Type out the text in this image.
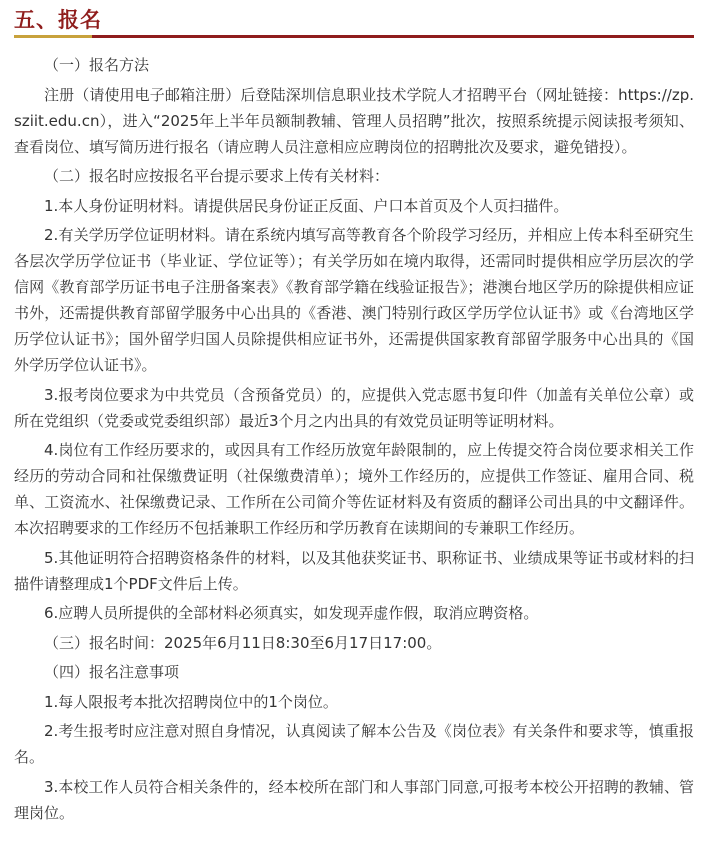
五、报名

（一）报名方法

注册（请使用电子邮箱注册）后登陆深圳信息职业技术学院人才招聘平台（网址链接：https://zp.sziit.edu.cn），进入“2025年上半年员额制教辅、管理人员招聘”批次，按照系统提示阅读报考须知、查看岗位、填写简历进行报名（请应聘人员注意相应应聘岗位的招聘批次及要求，避免错投）。

（二）报名时应按报名平台提示要求上传有关材料：

1.本人身份证明材料。请提供居民身份证正反面、户口本首页及个人页扫描件。

2.有关学历学位证明材料。请在系统内填写高等教育各个阶段学习经历，并相应上传本科至研究生各层次学历学位证书（毕业证、学位证等）；有关学历如在境内取得，还需同时提供相应学历层次的学信网《教育部学历证书电子注册备案表》《教育部学籍在线验证报告》；港澳台地区学历的除提供相应证书外，还需提供教育部留学服务中心出具的《香港、澳门特别行政区学历学位认证书》或《台湾地区学历学位认证书》；国外留学归国人员除提供相应证书外，还需提供国家教育部留学服务中心出具的《国外学历学位认证书》。

3.报考岗位要求为中共党员（含预备党员）的，应提供入党志愿书复印件（加盖有关单位公章）或所在党组织（党委或党委组织部）最近3个月之内出具的有效党员证明等证明材料。

4.岗位有工作经历要求的，或因具有工作经历放宽年龄限制的，应上传提交符合岗位要求相关工作经历的劳动合同和社保缴费证明（社保缴费清单）；境外工作经历的，应提供工作签证、雇用合同、税单、工资流水、社保缴费记录、工作所在公司简介等佐证材料及有资质的翻译公司出具的中文翻译件。本次招聘要求的工作经历不包括兼职工作经历和学历教育在读期间的专兼职工作经历。

5.其他证明符合招聘资格条件的材料，以及其他获奖证书、职称证书、业绩成果等证书或材料的扫描件请整理成1个PDF文件后上传。

6.应聘人员所提供的全部材料必须真实，如发现弄虚作假，取消应聘资格。

（三）报名时间：2025年6月11日8:30至6月17日17:00。

（四）报名注意事项

1.每人限报考本批次招聘岗位中的1个岗位。

2.考生报考时应注意对照自身情况，认真阅读了解本公告及《岗位表》有关条件和要求等，慎重报名。

3.本校工作人员符合相关条件的，经本校所在部门和人事部门同意,可报考本校公开招聘的教辅、管理岗位。
